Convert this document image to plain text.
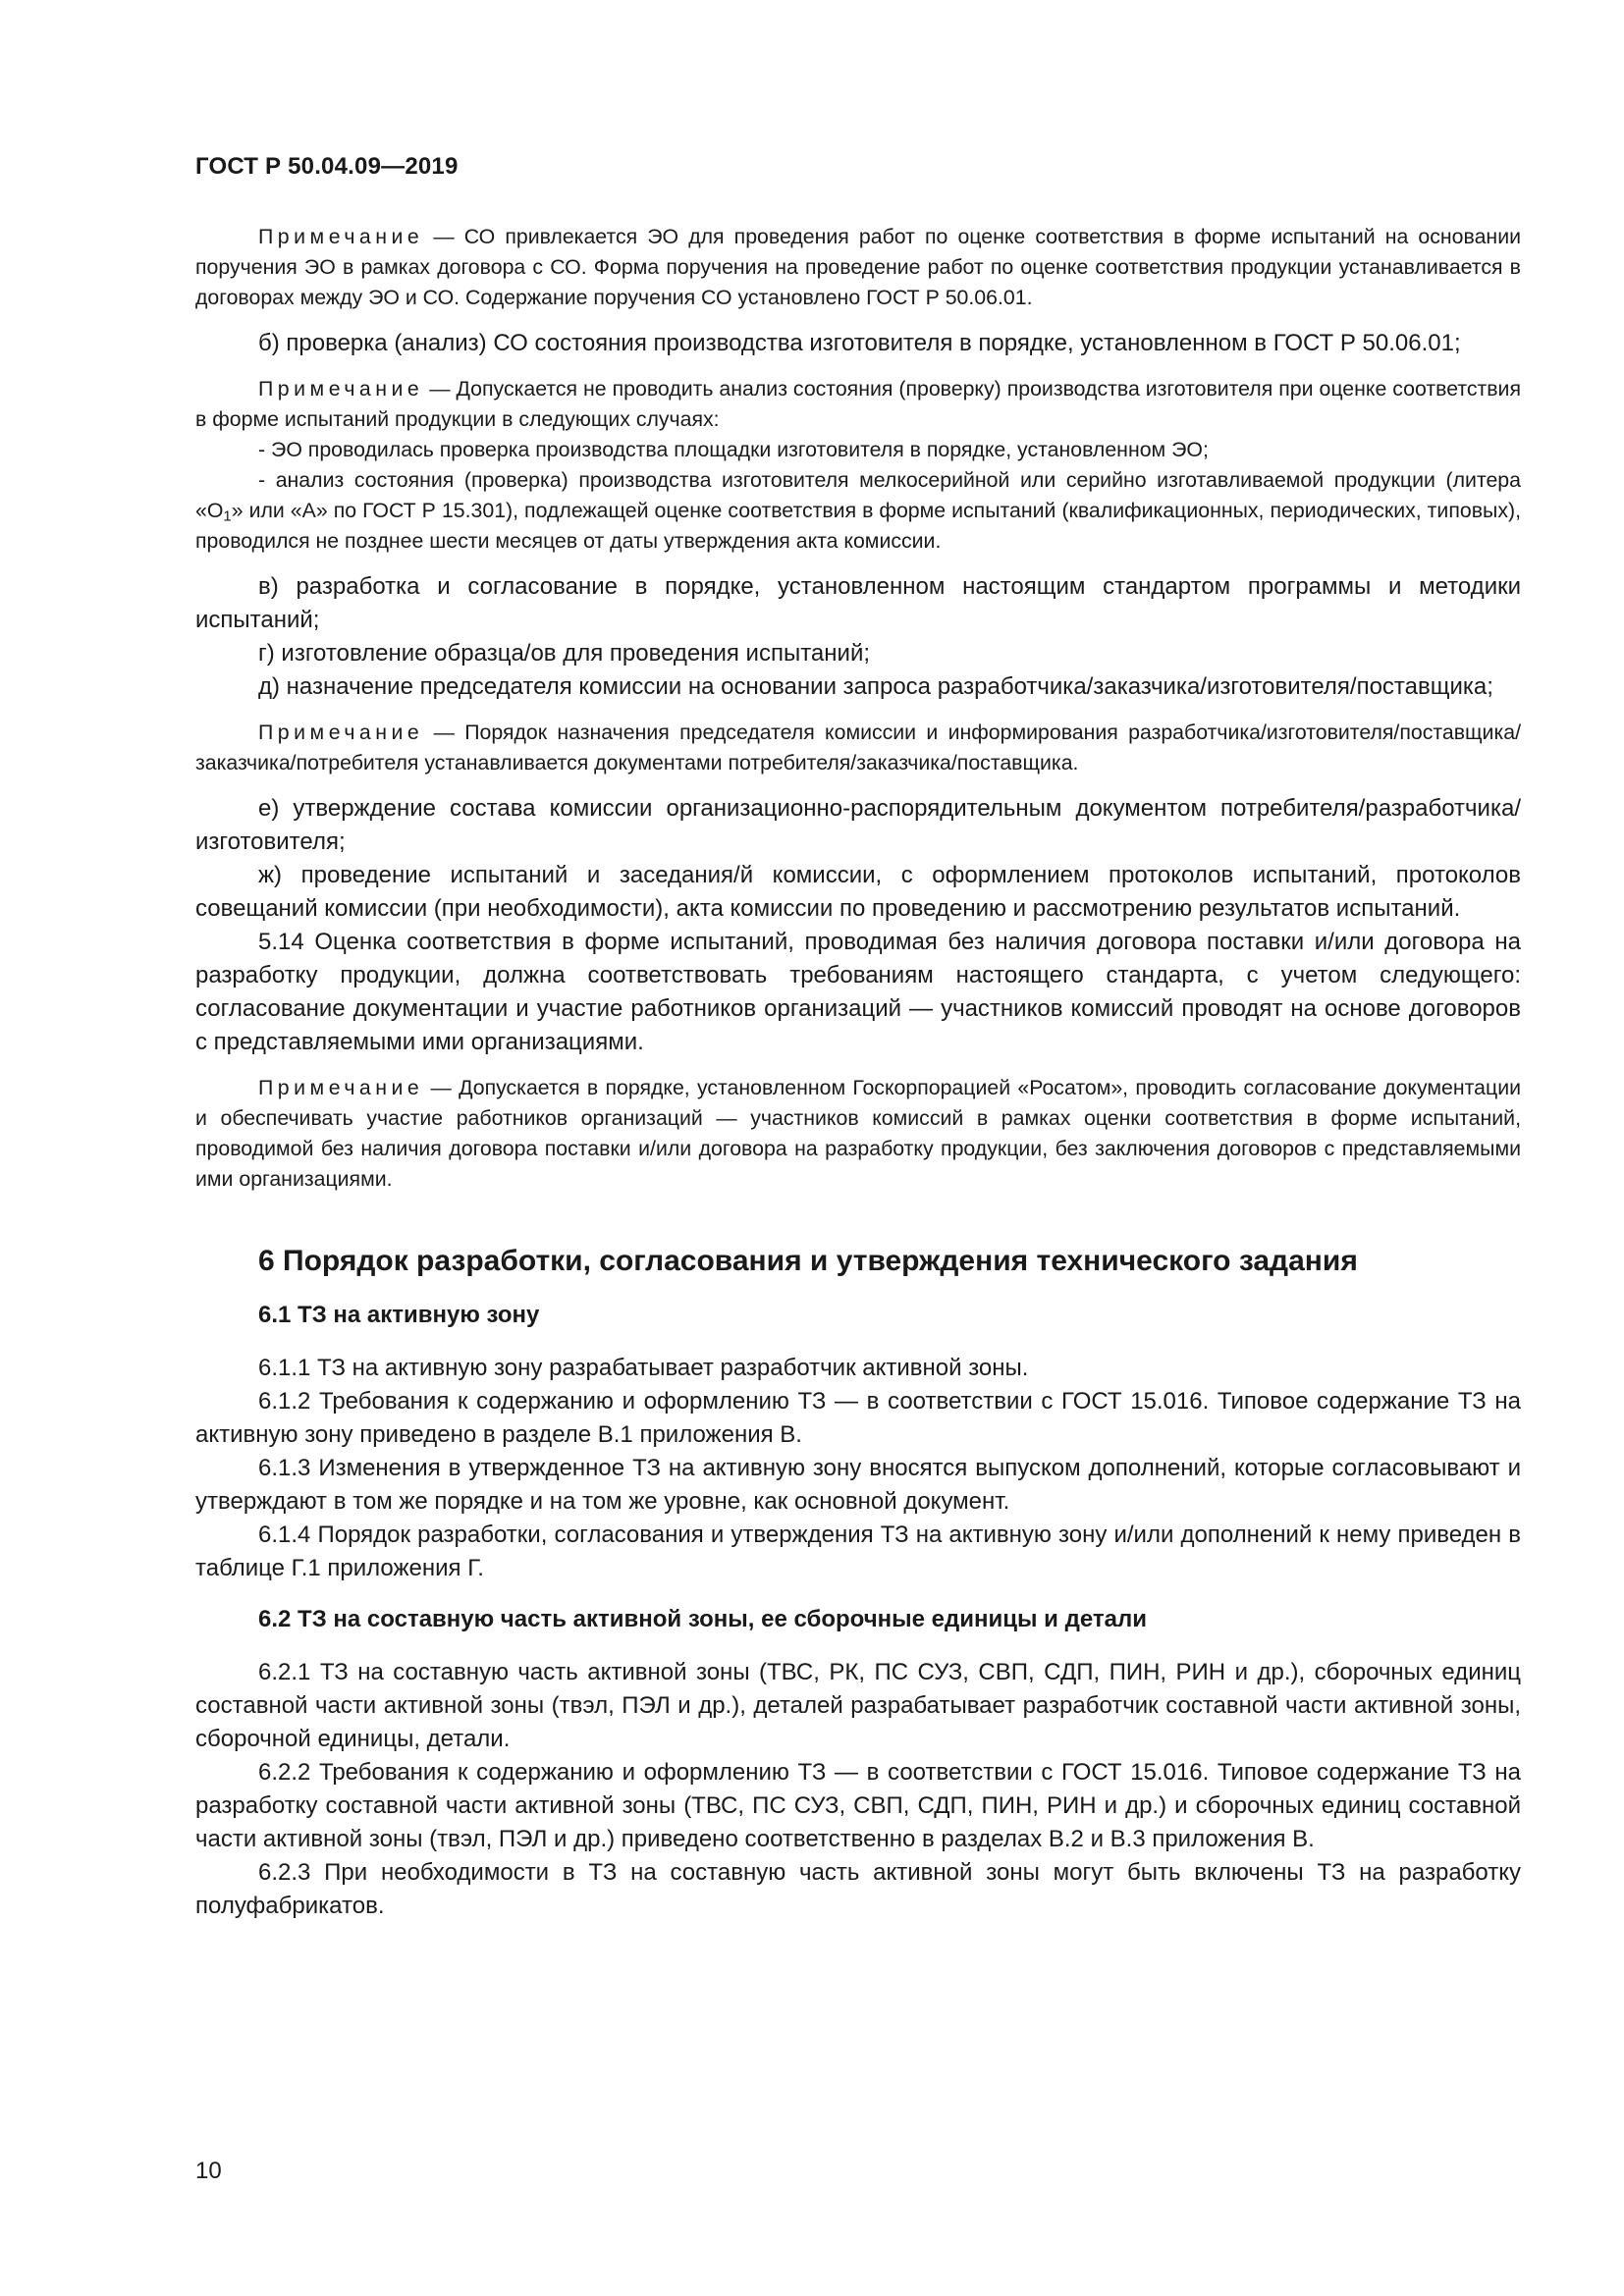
ГОСТ Р 50.04.09—2019

Примечание — СО привлекается ЭО для проведения работ по оценке соответствия в форме испытаний на основании поручения ЭО в рамках договора с СО. Форма поручения на проведение работ по оценке соответствия продукции устанавливается в договорах между ЭО и СО. Содержание поручения СО установлено ГОСТ Р 50.06.01.

б) проверка (анализ) СО состояния производства изготовителя в порядке, установленном в ГОСТ Р 50.06.01;

Примечание — Допускается не проводить анализ состояния (проверку) производства изготовителя при оценке соответствия в форме испытаний продукции в следующих случаях:

- ЭО проводилась проверка производства площадки изготовителя в порядке, установленном ЭО;

- анализ состояния (проверка) производства изготовителя мелкосерийной или серийно изготавливаемой продукции (литера «$О_1$» или «А» по ГОСТ Р 15.301), подлежащей оценке соответствия в форме испытаний (квалификационных, периодических, типовых), проводился не позднее шести месяцев от даты утверждения акта комиссии.

в) разработка и согласование в порядке, установленном настоящим стандартом программы и методики испытаний;

г) изготовление образца/ов для проведения испытаний;

д) назначение председателя комиссии на основании запроса разработчика/заказчика/изготовителя/поставщика;

Примечание — Порядок назначения председателя комиссии и информирования разработчика/изготовителя/поставщика/заказчика/потребителя устанавливается документами потребителя/заказчика/поставщика.

е) утверждение состава комиссии организационно-распорядительным документом потребителя/разработчика/изготовителя;

ж) проведение испытаний и заседания/й комиссии, с оформлением протоколов испытаний, протоколов совещаний комиссии (при необходимости), акта комиссии по проведению и рассмотрению результатов испытаний.

5.14 Оценка соответствия в форме испытаний, проводимая без наличия договора поставки и/или договора на разработку продукции, должна соответствовать требованиям настоящего стандарта, с учетом следующего: согласование документации и участие работников организаций — участников комиссий проводят на основе договоров с представляемыми ими организациями.

Примечание — Допускается в порядке, установленном Госкорпорацией «Росатом», проводить согласование документации и обеспечивать участие работников организаций — участников комиссий в рамках оценки соответствия в форме испытаний, проводимой без наличия договора поставки и/или договора на разработку продукции, без заключения договоров с представляемыми ими организациями.

6 Порядок разработки, согласования и утверждения технического задания
6.1 ТЗ на активную зону

6.1.1 ТЗ на активную зону разрабатывает разработчик активной зоны.

6.1.2 Требования к содержанию и оформлению ТЗ — в соответствии с ГОСТ 15.016. Типовое содержание ТЗ на активную зону приведено в разделе В.1 приложения В.

6.1.3 Изменения в утвержденное ТЗ на активную зону вносятся выпуском дополнений, которые согласовывают и утверждают в том же порядке и на том же уровне, как основной документ.

6.1.4 Порядок разработки, согласования и утверждения ТЗ на активную зону и/или дополнений к нему приведен в таблице Г.1 приложения Г.

6.2 ТЗ на составную часть активной зоны, ее сборочные единицы и детали

6.2.1 ТЗ на составную часть активной зоны (ТВС, РК, ПС СУЗ, СВП, СДП, ПИН, РИН и др.), сборочных единиц составной части активной зоны (твэл, ПЭЛ и др.), деталей разрабатывает разработчик составной части активной зоны, сборочной единицы, детали.

6.2.2 Требования к содержанию и оформлению ТЗ — в соответствии с ГОСТ 15.016. Типовое содержание ТЗ на разработку составной части активной зоны (ТВС, ПС СУЗ, СВП, СДП, ПИН, РИН и др.) и сборочных единиц составной части активной зоны (твэл, ПЭЛ и др.) приведено соответственно в разделах В.2 и В.3 приложения В.

6.2.3 При необходимости в ТЗ на составную часть активной зоны могут быть включены ТЗ на разработку полуфабрикатов.

10
